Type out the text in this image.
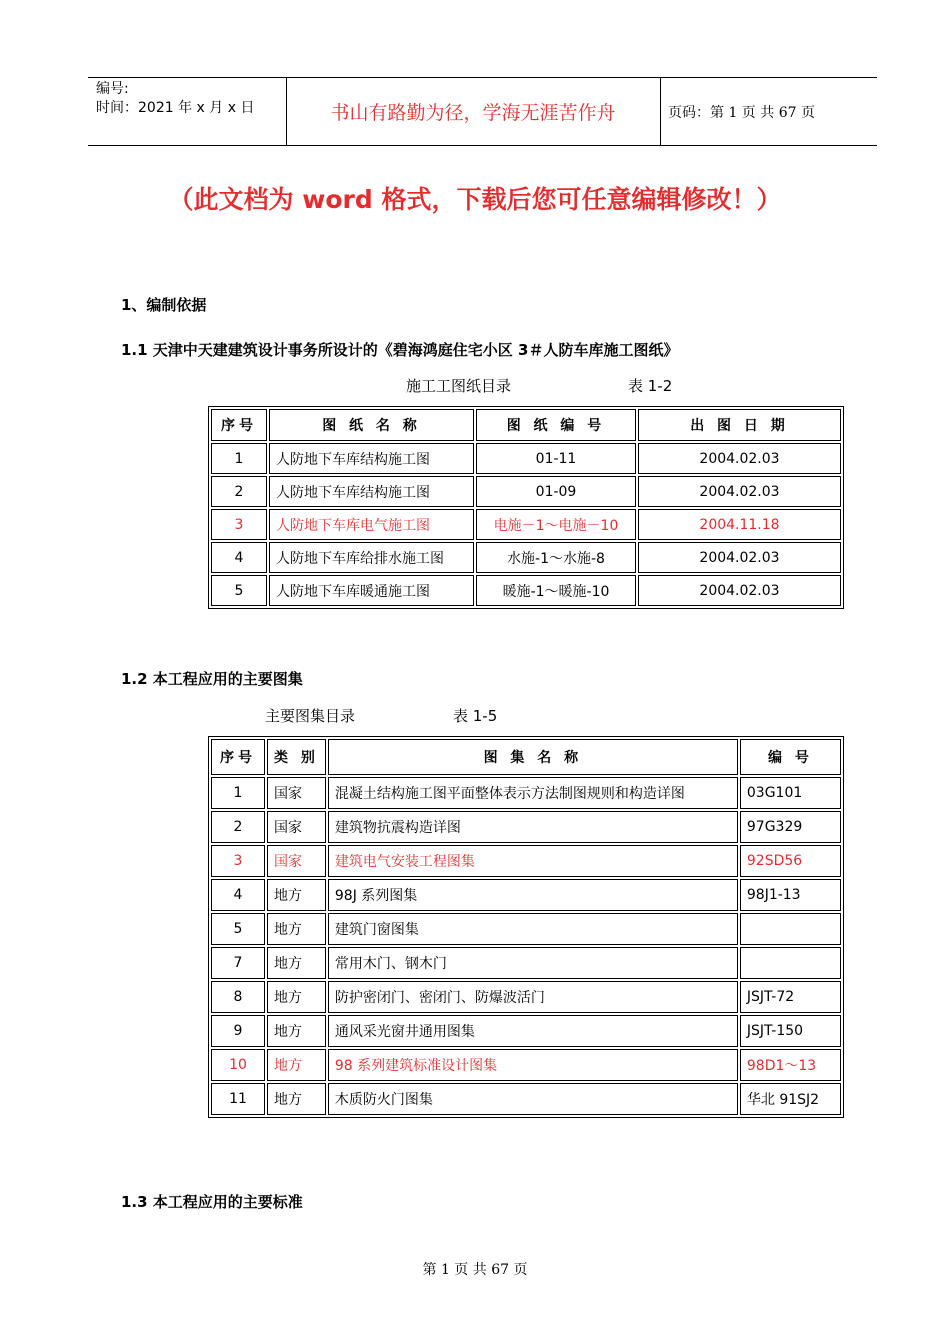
编号:
时间：2021 年 x 月 x 日	书山有路勤为径，学海无涯苦作舟	页码：第 1 页 共 67 页
（此文档为 word 格式，下载后您可任意编辑修改！）
1、编制依据
1.1 天津中天建建筑设计事务所设计的《碧海鸿庭住宅小区 3＃人防车库施工图纸》
施工工图纸目录	表 1-2
序号	图 纸 名 称	图 纸 编 号	出 图 日 期
1	人防地下车库结构施工图	01-11	2004.02.03
2	人防地下车库结构施工图	01-09	2004.02.03
3	人防地下车库电气施工图	电施－1～电施－10	2004.11.18
4	人防地下车库给排水施工图	水施-1～水施-8	2004.02.03
5	人防地下车库暖通施工图	暖施-1～暖施-10	2004.02.03
1.2 本工程应用的主要图集
主要图集目录	表 1-5
序号	类 别	图 集 名 称	编 号
1	国家	混凝土结构施工图平面整体表示方法制图规则和构造详图	03G101
2	国家	建筑物抗震构造详图	97G329
3	国家	建筑电气安装工程图集	92SD56
4	地方	98J 系列图集	98J1-13
5	地方	建筑门窗图集	
7	地方	常用木门、钢木门	
8	地方	防护密闭门、密闭门、防爆波活门	JSJT-72
9	地方	通风采光窗井通用图集	JSJT-150
10	地方	98 系列建筑标准设计图集	98D1～13
11	地方	木质防火门图集	华北 91SJ2
1.3 本工程应用的主要标准
第 1 页 共 67 页
